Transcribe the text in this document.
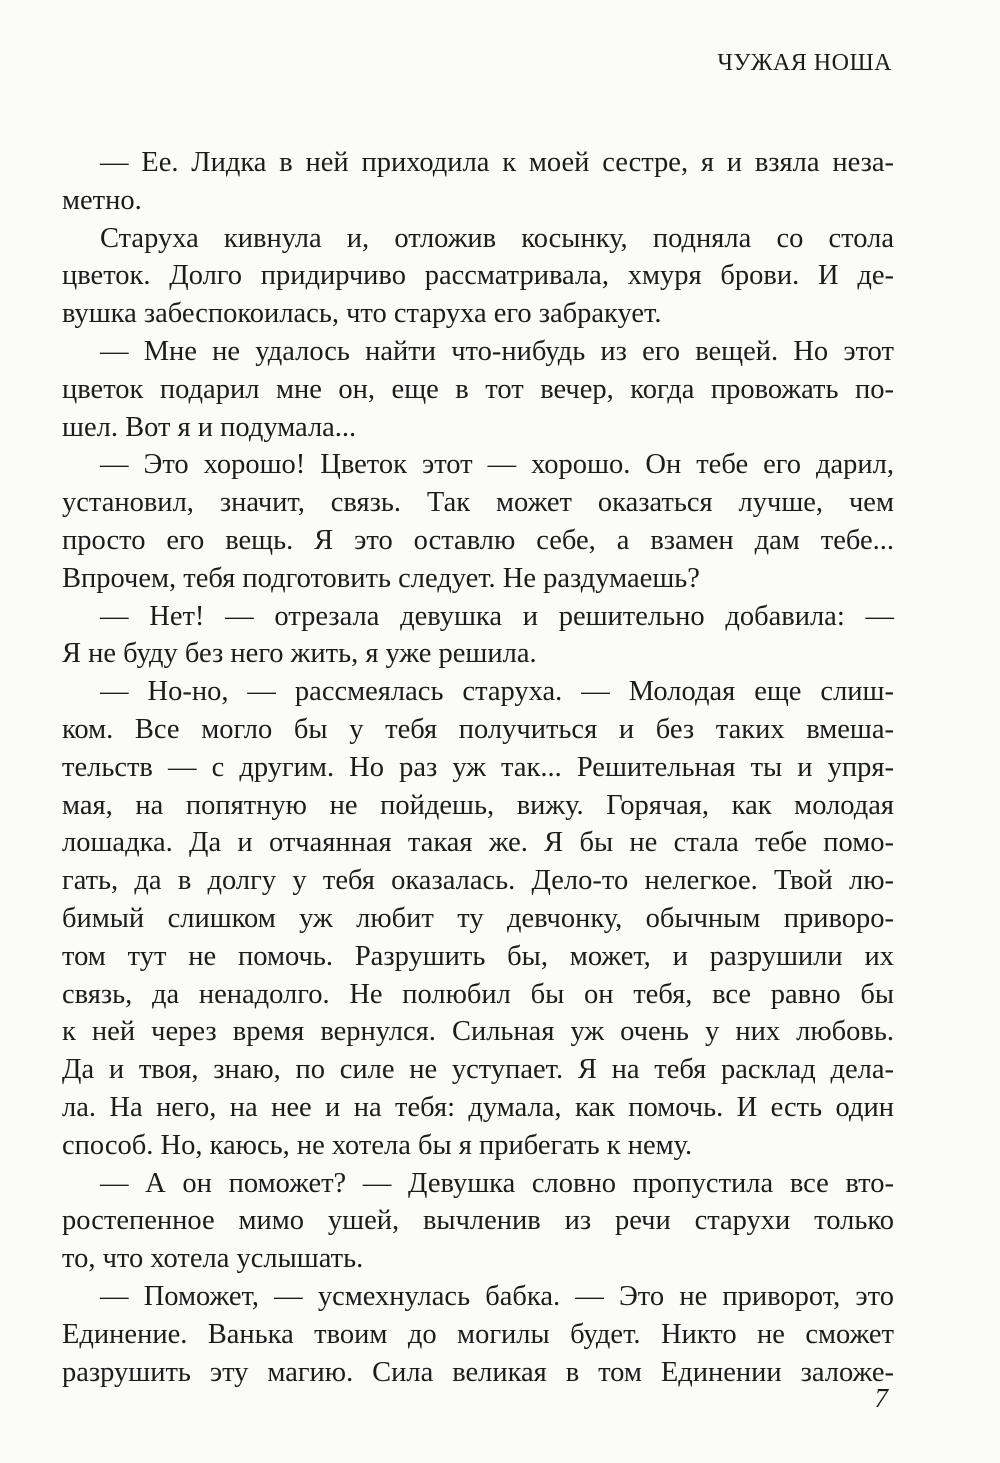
ЧУЖАЯ НОША
— Ее. Лидка в ней приходила к моей сестре, я и взяла неза-
метно.
Старуха кивнула и, отложив косынку, подняла со стола
цветок. Долго придирчиво рассматривала, хмуря брови. И де-
вушка забеспокоилась, что старуха его забракует.
— Мне не удалось найти что-нибудь из его вещей. Но этот
цветок подарил мне он, еще в тот вечер, когда провожать по-
шел. Вот я и подумала...
— Это хорошо! Цветок этот — хорошо. Он тебе его дарил,
установил, значит, связь. Так может оказаться лучше, чем
просто его вещь. Я это оставлю себе, а взамен дам тебе...
Впрочем, тебя подготовить следует. Не раздумаешь?
— Нет! — отрезала девушка и решительно добавила: —
Я не буду без него жить, я уже решила.
— Но-но, — рассмеялась старуха. — Молодая еще слиш-
ком. Все могло бы у тебя получиться и без таких вмеша-
тельств — с другим. Но раз уж так... Решительная ты и упря-
мая, на попятную не пойдешь, вижу. Горячая, как молодая
лошадка. Да и отчаянная такая же. Я бы не стала тебе помо-
гать, да в долгу у тебя оказалась. Дело-то нелегкое. Твой лю-
бимый слишком уж любит ту девчонку, обычным приворо-
том тут не помочь. Разрушить бы, может, и разрушили их
связь, да ненадолго. Не полюбил бы он тебя, все равно бы
к ней через время вернулся. Сильная уж очень у них любовь.
Да и твоя, знаю, по силе не уступает. Я на тебя расклад дела-
ла. На него, на нее и на тебя: думала, как помочь. И есть один
способ. Но, каюсь, не хотела бы я прибегать к нему.
— А он поможет? — Девушка словно пропустила все вто-
ростепенное мимо ушей, вычленив из речи старухи только
то, что хотела услышать.
— Поможет, — усмехнулась бабка. — Это не приворот, это
Единение. Ванька твоим до могилы будет. Никто не сможет
разрушить эту магию. Сила великая в том Единении заложе-
7
